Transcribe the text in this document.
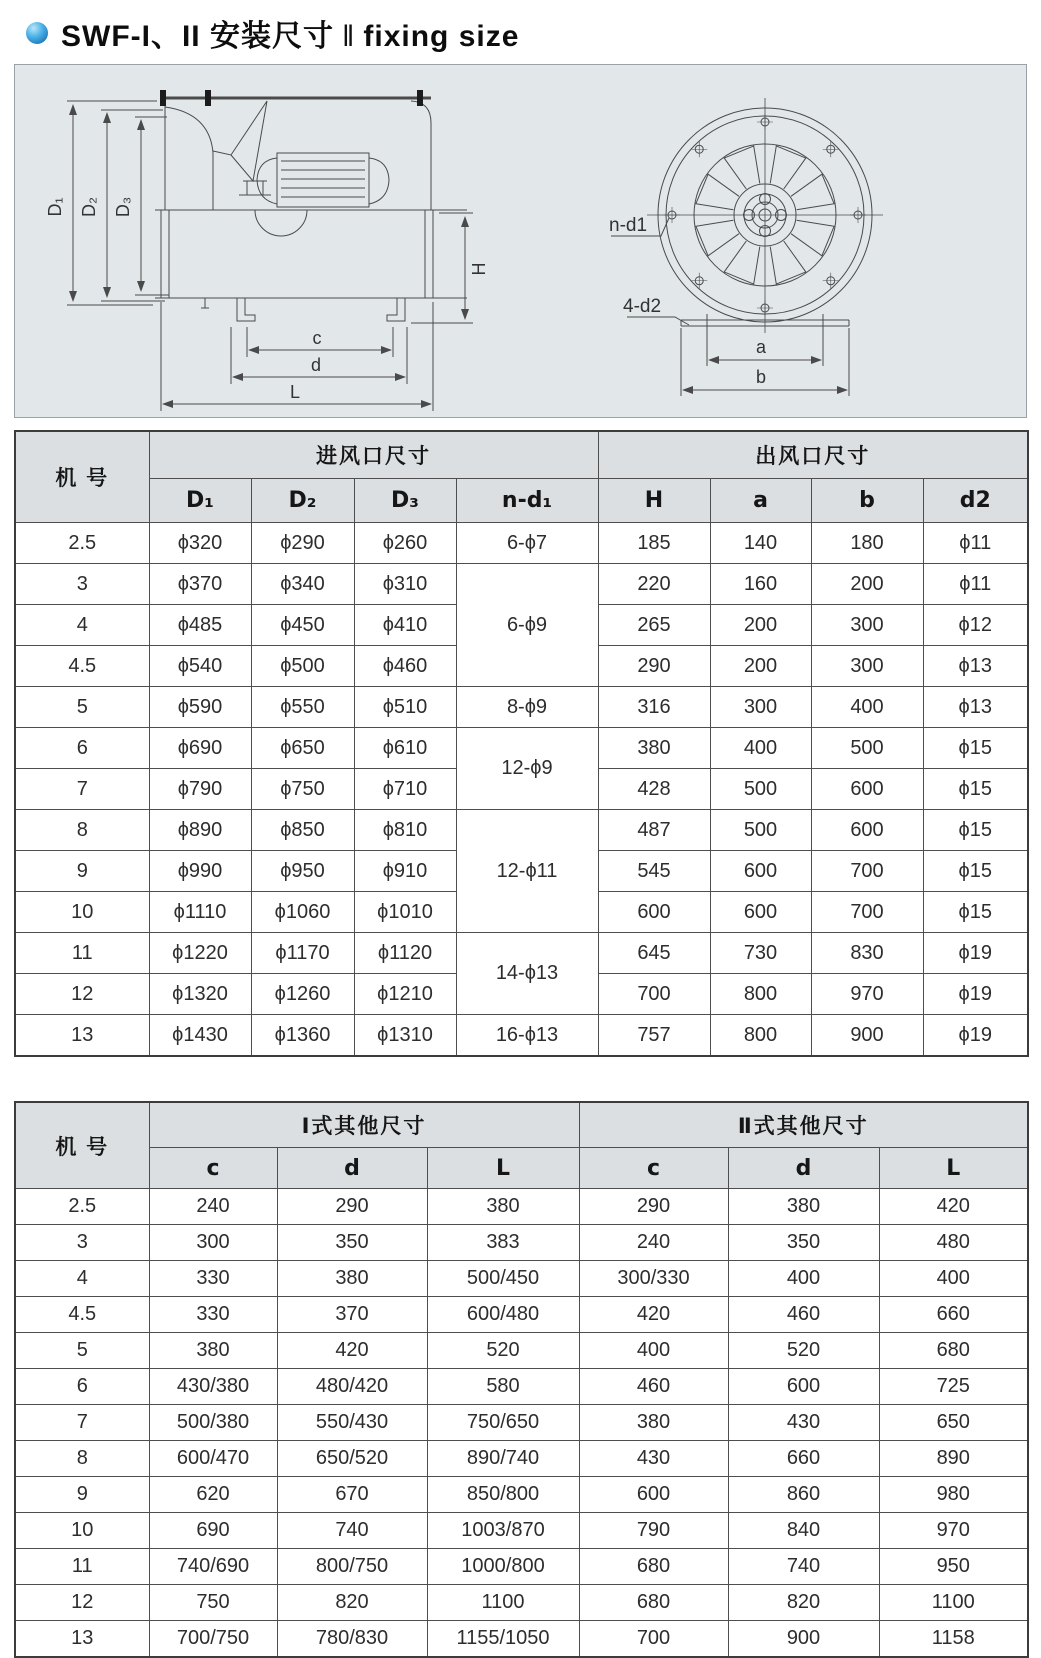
SWF-I、II 安装尺寸 ‖ fixing size
D₁ D₂ D₃
H
c
d
L
n-d1
4-d2
a
b
机 号	进风口尺寸				出风口尺寸			
	D₁	D₂	D₃	n-d₁	H	a	b	d2
2.5	ϕ320	ϕ290	ϕ260	6-ϕ7	185	140	180	ϕ11
3	ϕ370	ϕ340	ϕ310	6-ϕ9	220	160	200	ϕ11
4	ϕ485	ϕ450	ϕ410		265	200	300	ϕ12
4.5	ϕ540	ϕ500	ϕ460		290	200	300	ϕ13
5	ϕ590	ϕ550	ϕ510	8-ϕ9	316	300	400	ϕ13
6	ϕ690	ϕ650	ϕ610	12-ϕ9	380	400	500	ϕ15
7	ϕ790	ϕ750	ϕ710		428	500	600	ϕ15
8	ϕ890	ϕ850	ϕ810	12-ϕ11	487	500	600	ϕ15
9	ϕ990	ϕ950	ϕ910		545	600	700	ϕ15
10	ϕ1110	ϕ1060	ϕ1010		600	600	700	ϕ15
11	ϕ1220	ϕ1170	ϕ1120	14-ϕ13	645	730	830	ϕ19
12	ϕ1320	ϕ1260	ϕ1210		700	800	970	ϕ19
13	ϕ1430	ϕ1360	ϕ1310	16-ϕ13	757	800	900	ϕ19
机 号	Ⅰ式其他尺寸			Ⅱ式其他尺寸		
	c	d	L	c	d	L
2.5	240	290	380	290	380	420
3	300	350	383	240	350	480
4	330	380	500/450	300/330	400	400
4.5	330	370	600/480	420	460	660
5	380	420	520	400	520	680
6	430/380	480/420	580	460	600	725
7	500/380	550/430	750/650	380	430	650
8	600/470	650/520	890/740	430	660	890
9	620	670	850/800	600	860	980
10	690	740	1003/870	790	840	970
11	740/690	800/750	1000/800	680	740	950
12	750	820	1100	680	820	1100
13	700/750	780/830	1155/1050	700	900	1158
